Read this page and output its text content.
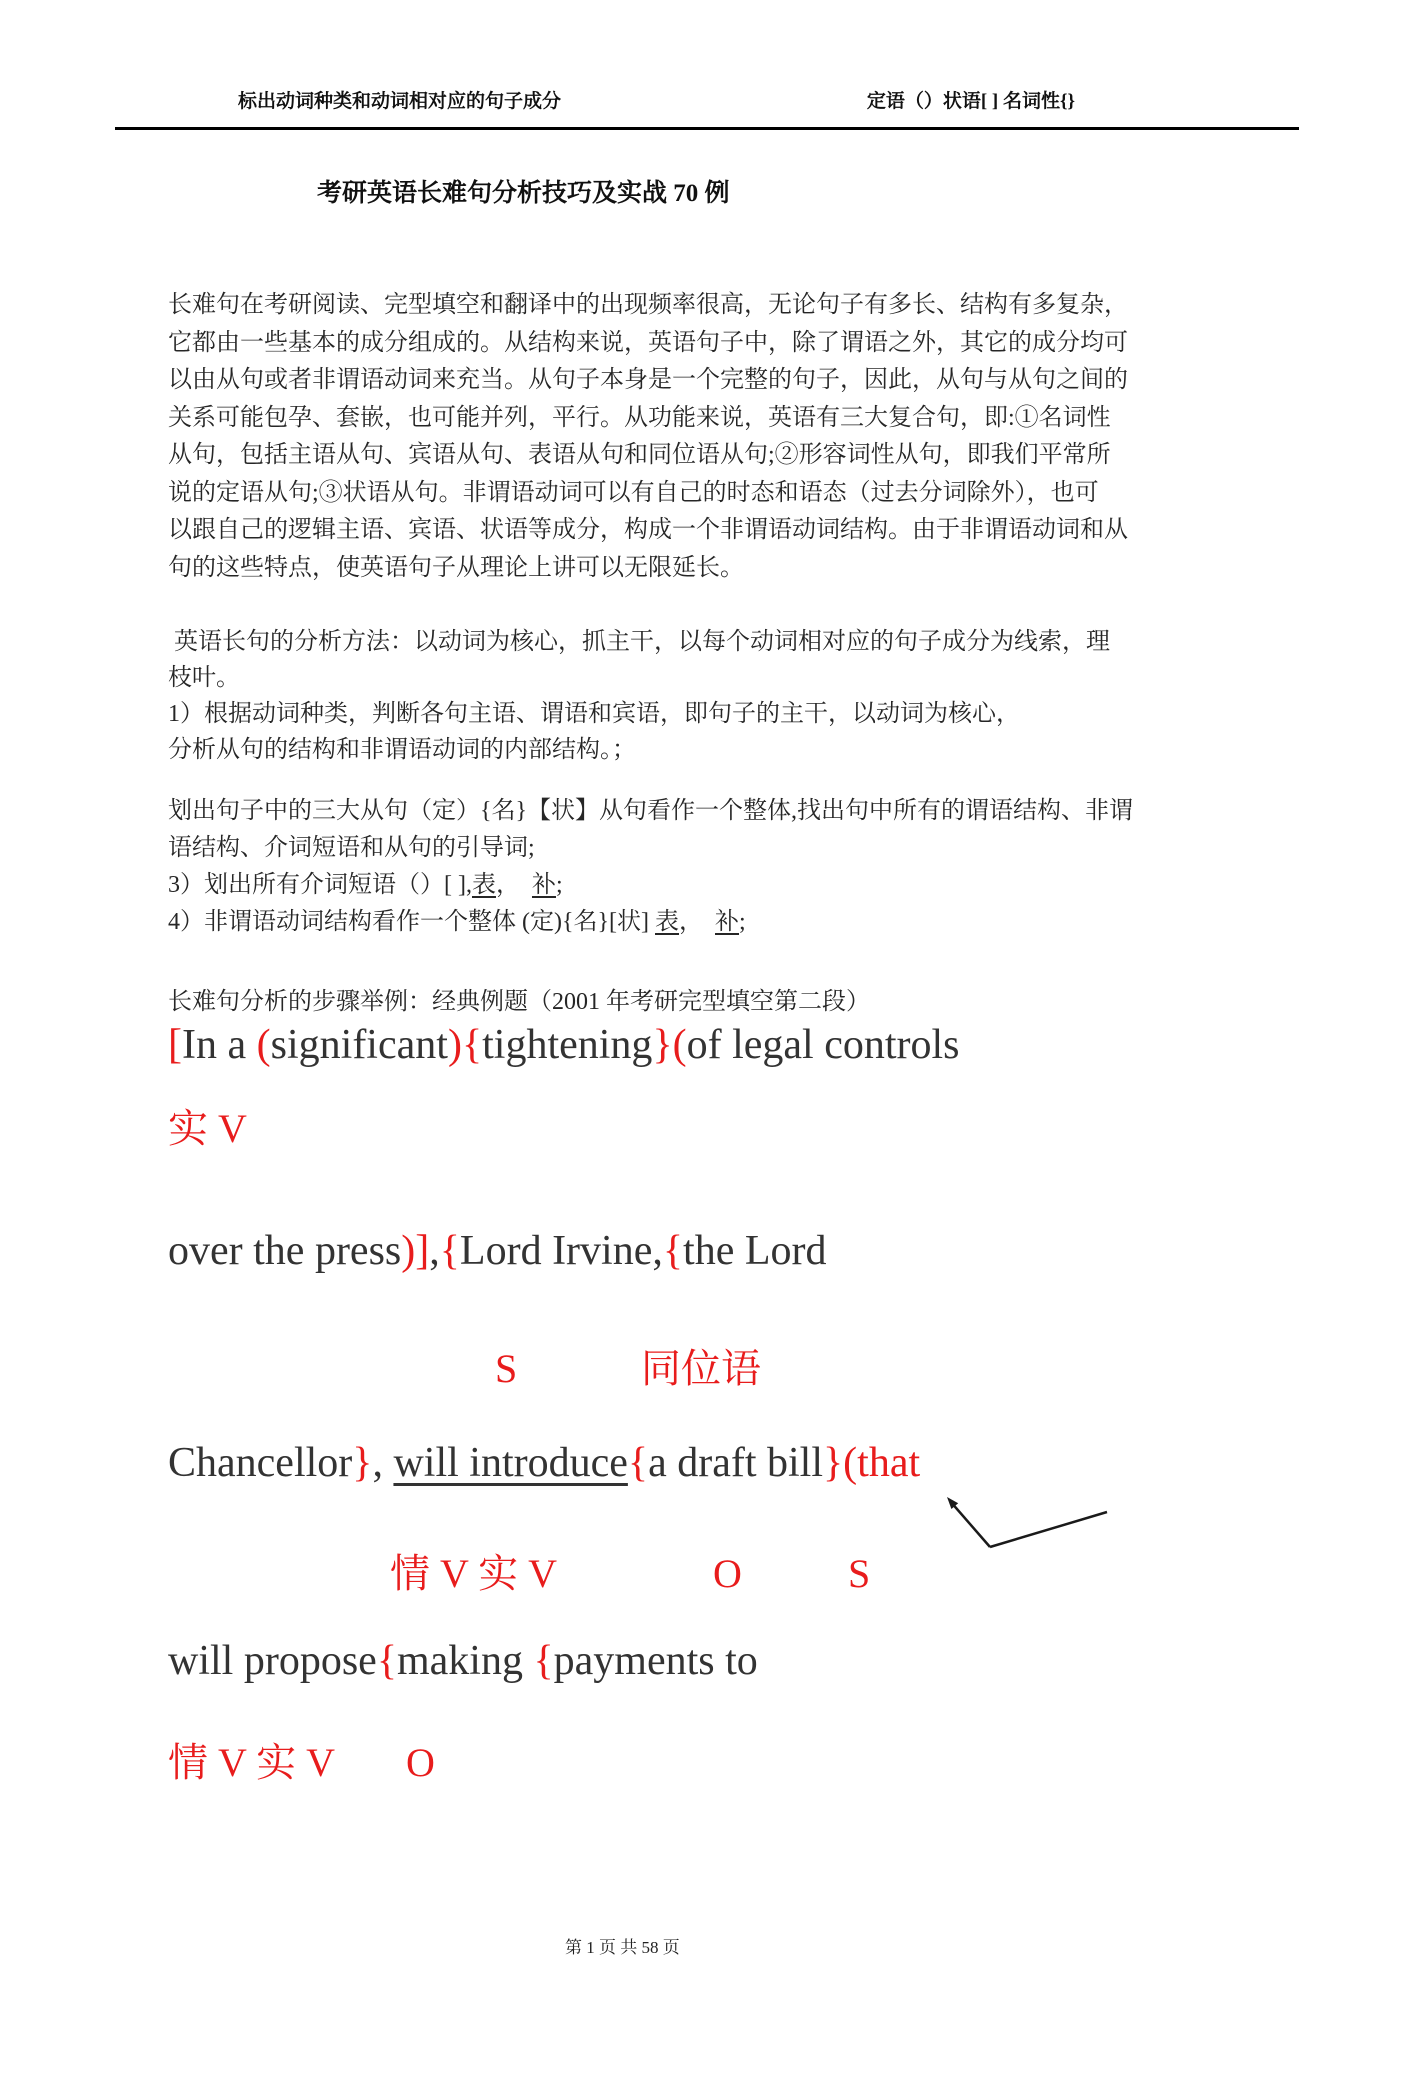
标出动词种类和动词相对应的句子成分	定语（）状语[ ] 名词性{}
考研英语长难句分析技巧及实战 70 例
长难句在考研阅读、完型填空和翻译中的出现频率很高，无论句子有多长、结构有多复杂，
它都由一些基本的成分组成的。从结构来说，英语句子中，除了谓语之外，其它的成分均可
以由从句或者非谓语动词来充当。从句子本身是一个完整的句子，因此，从句与从句之间的
关系可能包孕、套嵌，也可能并列，平行。从功能来说，英语有三大复合句，即:①名词性
从句，包括主语从句、宾语从句、表语从句和同位语从句;②形容词性从句，即我们平常所
说的定语从句;③状语从句。非谓语动词可以有自己的时态和语态（过去分词除外），也可
以跟自己的逻辑主语、宾语、状语等成分，构成一个非谓语动词结构。由于非谓语动词和从
句的这些特点，使英语句子从理论上讲可以无限延长。
英语长句的分析方法：以动词为核心，抓主干，以每个动词相对应的句子成分为线索，理
枝叶。
1）根据动词种类，判断各句主语、谓语和宾语，即句子的主干，以动词为核心，
分析从句的结构和非谓语动词的内部结构。；
划出句子中的三大从句（定）{名}【状】从句看作一个整体,找出句中所有的谓语结构、非谓
语结构、介词短语和从句的引导词;
3）划出所有介词短语（）[ ],表，  补;
4）非谓语动词结构看作一个整体 (定){名}[状] 表，  补;
长难句分析的步骤举例：经典例题（2001 年考研完型填空第二段）
[In a (significant){tightening}(of legal controls
实 V
over the press)],{Lord Irvine,{the Lord

S

	同位语

Chancellor}, will introduce{a draft bill}(that

情 V 实 V

	O

	S

will propose{making {payments to

情 V 实 V

O

第 1 页 共 58 页
